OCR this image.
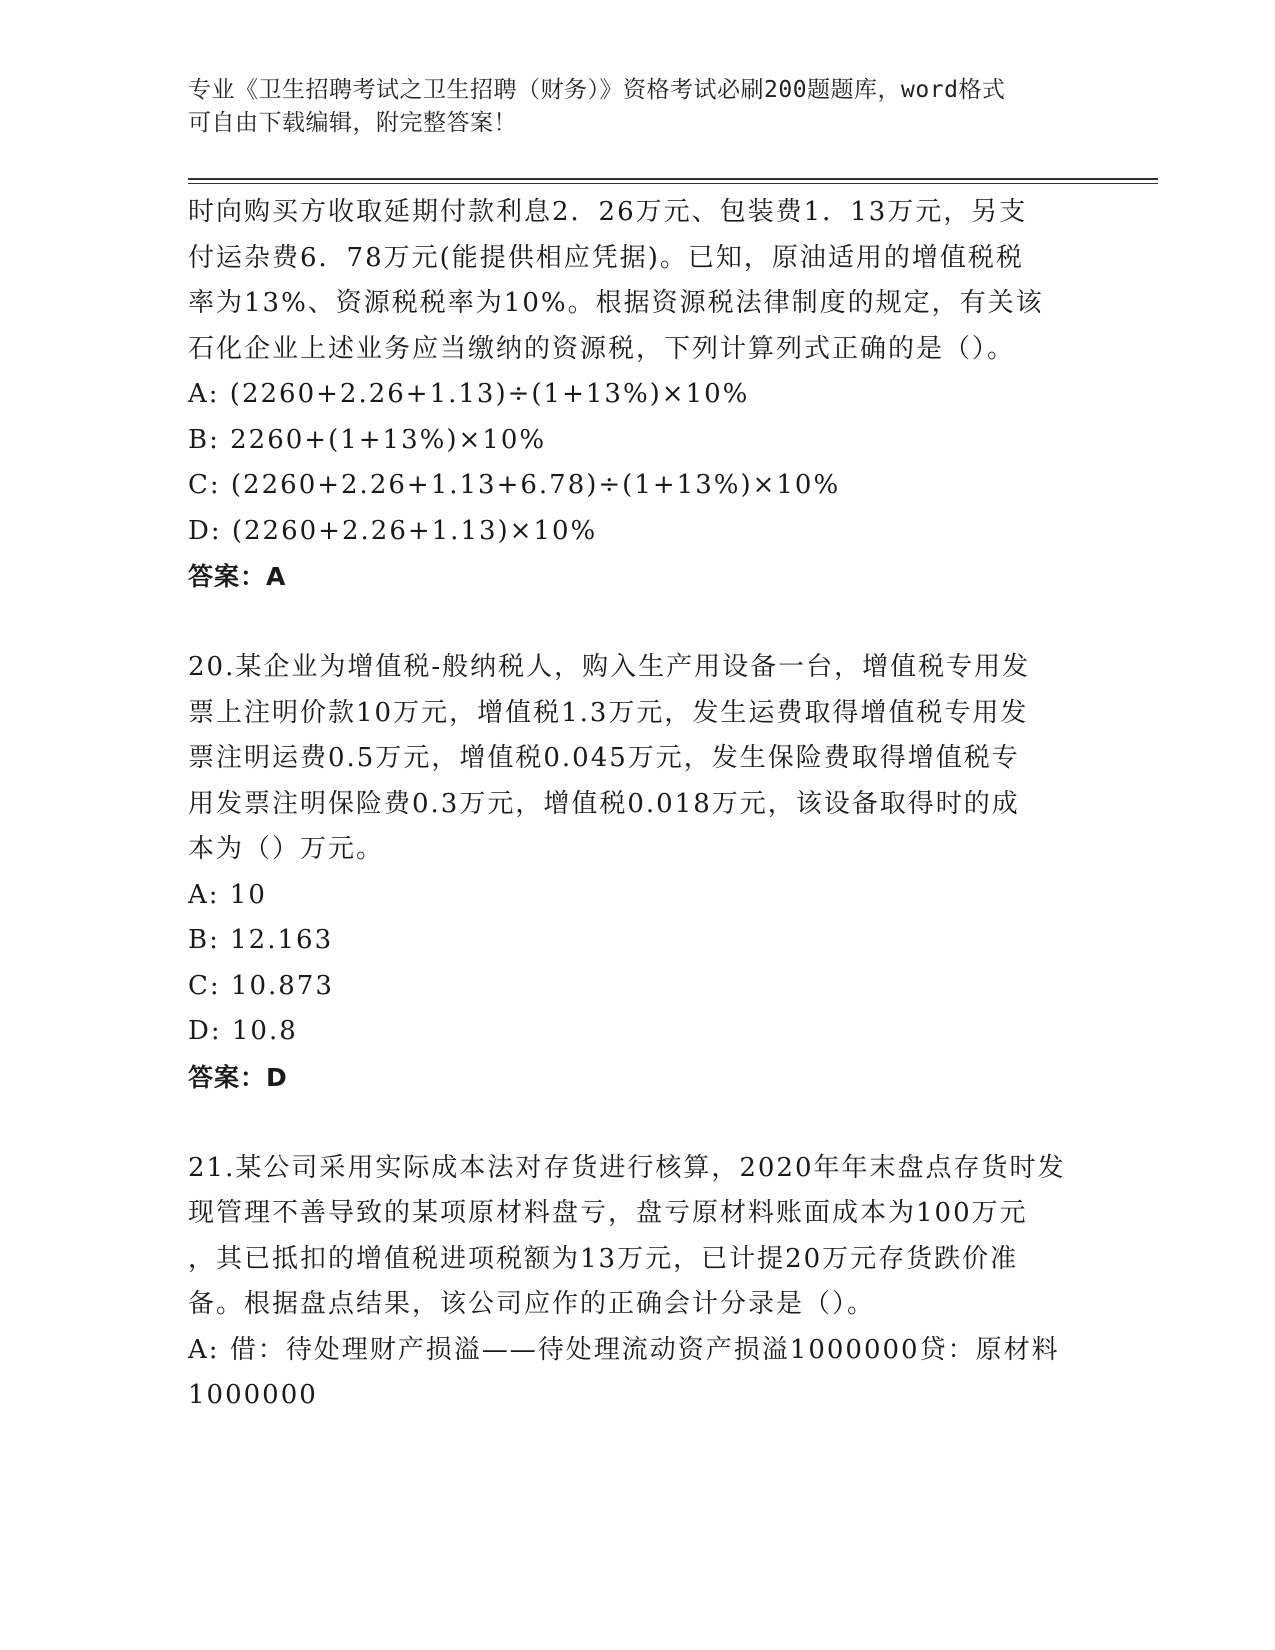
专业《卫生招聘考试之卫生招聘（财务）》资格考试必刷200题题库，word格式
可自由下载编辑，附完整答案！
时向购买方收取延期付款利息2．26万元、包装费1．13万元，另支
付运杂费6．78万元(能提供相应凭据)。已知，原油适用的增值税税
率为13%、资源税税率为10%。根据资源税法律制度的规定，有关该
石化企业上述业务应当缴纳的资源税，下列计算列式正确的是（）。
A: (2260+2.26+1.13)÷(1+13%)×10%
B: 2260+(1+13%)×10%
C: (2260+2.26+1.13+6.78)÷(1+13%)×10%
D: (2260+2.26+1.13)×10%
答案：A
20.某企业为增值税-般纳税人，购入生产用设备一台，增值税专用发
票上注明价款10万元，增值税1.3万元，发生运费取得增值税专用发
票注明运费0.5万元，增值税0.045万元，发生保险费取得增值税专
用发票注明保险费0.3万元，增值税0.018万元，该设备取得时的成
本为（）万元。
A: 10
B: 12.163
C: 10.873
D: 10.8
答案：D
21.某公司采用实际成本法对存货进行核算，2020年年末盘点存货时发
现管理不善导致的某项原材料盘亏，盘亏原材料账面成本为100万元
，其已抵扣的增值税进项税额为13万元，已计提20万元存货跌价准
备。根据盘点结果，该公司应作的正确会计分录是（）。
A: 借：待处理财产损溢——待处理流动资产损溢1000000贷：原材料
1000000
